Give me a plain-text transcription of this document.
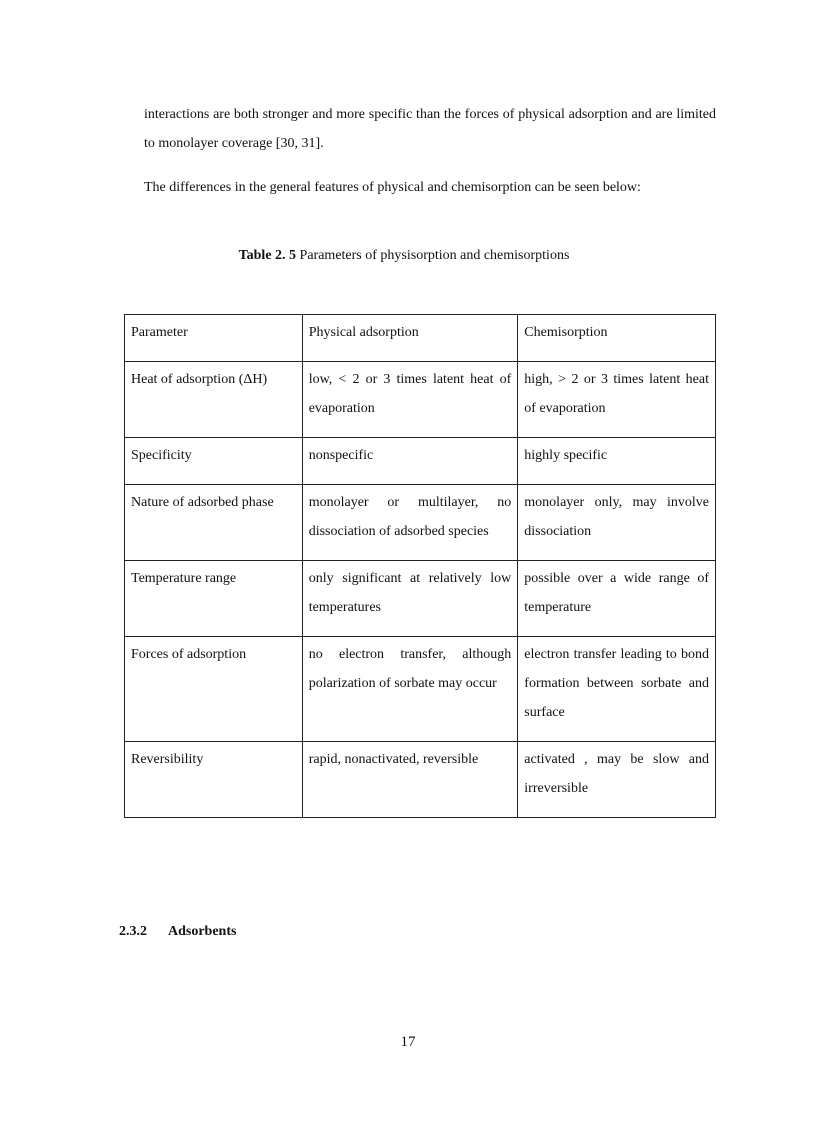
interactions are both stronger and more specific than the forces of physical adsorption and are limited to monolayer coverage [30, 31].

The differences in the general features of physical and chemisorption can be seen below:

Table 2. 5 Parameters of physisorption and chemisorptions

Parameter	Physical adsorption	Chemisorption
Heat of adsorption (ΔH)	low, < 2 or 3 times latent heat of evaporation	high, > 2 or 3 times latent heat of evaporation
Specificity	nonspecific	highly specific
Nature of adsorbed phase	monolayer or multilayer, no dissociation of adsorbed species	monolayer only, may involve dissociation
Temperature range	only significant at relatively low temperatures	possible over a wide range of temperature
Forces of adsorption	no electron transfer, although polarization of sorbate may occur	electron transfer leading to bond formation between sorbate and surface
Reversibility	rapid, nonactivated, reversible	activated , may be slow and irreversible

2.3.2 Adsorbents

17
